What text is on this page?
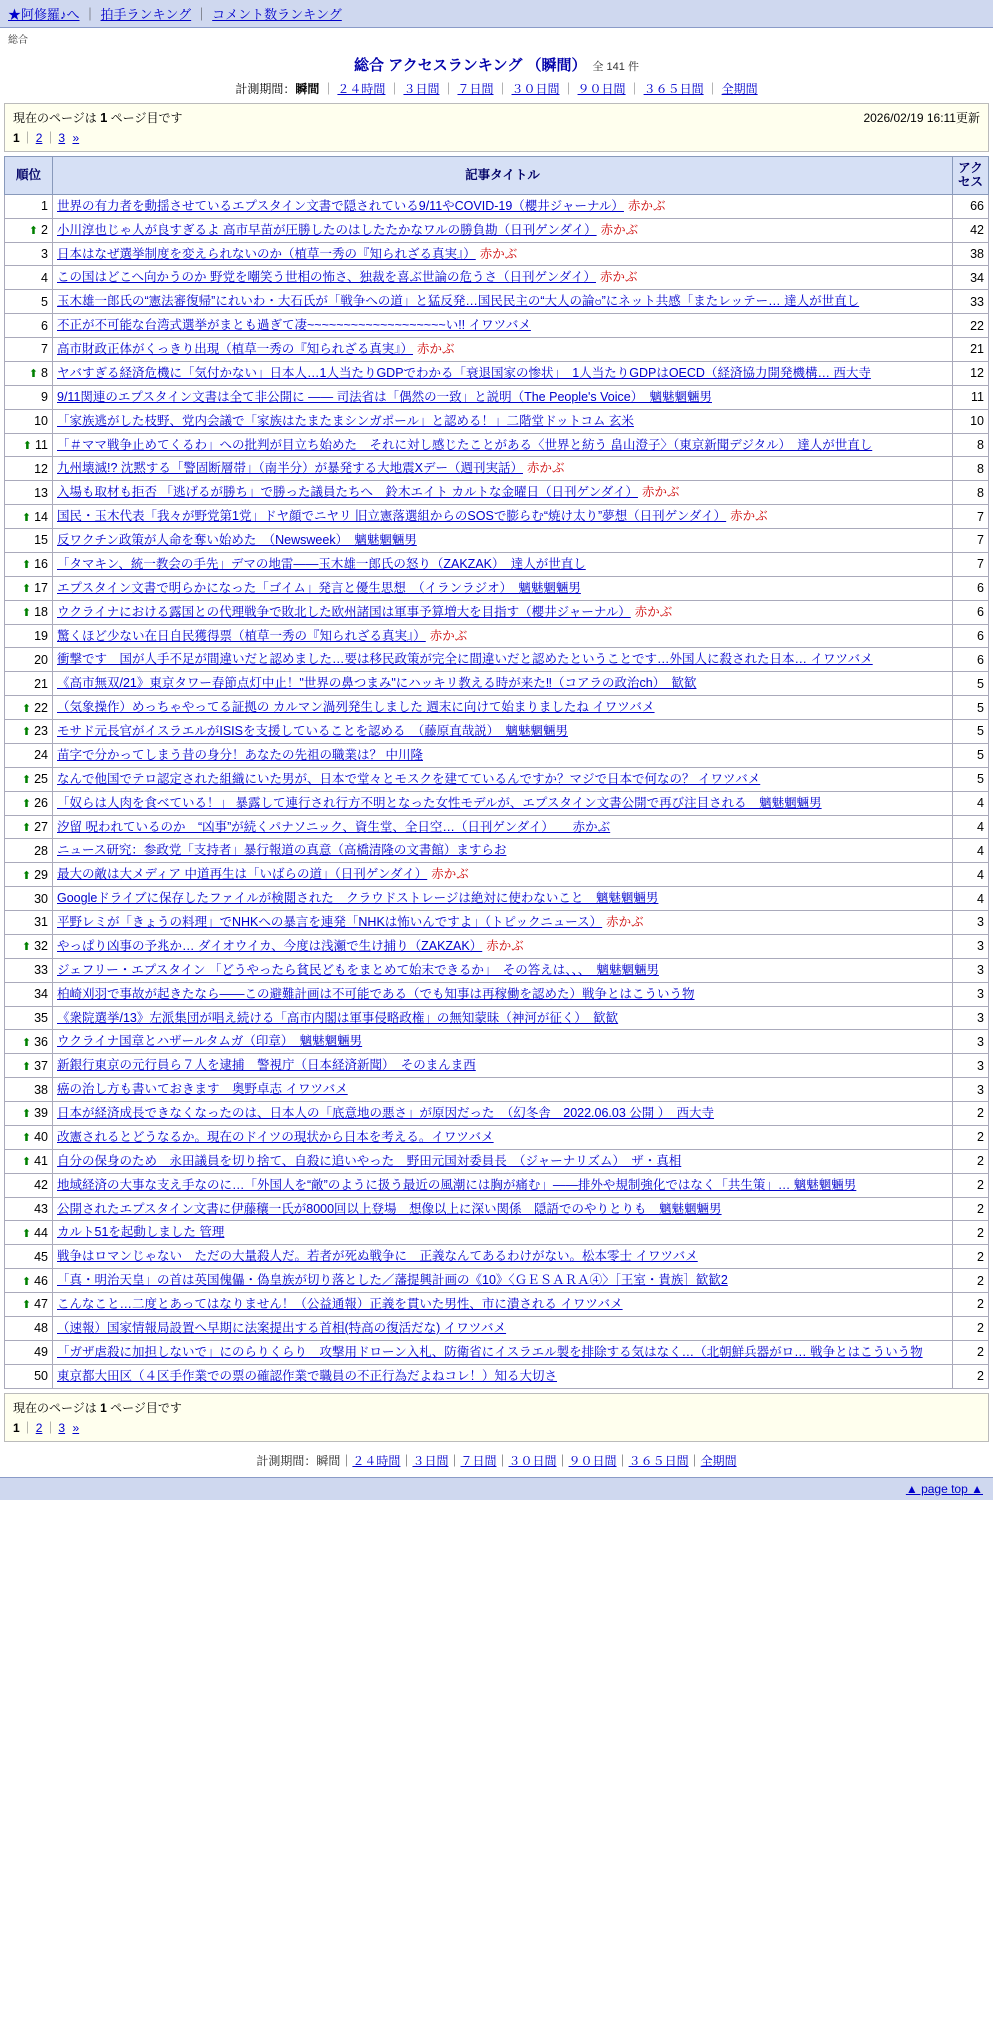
★阿修羅♪へ ｜ 拍手ランキング ｜ コメント数ランキング
総合
総合 アクセスランキング （瞬間） 全 141 件
計測期間：瞬間 ｜ ２４時間 ｜ ３日間 ｜ ７日間 ｜ ３０日間 ｜ ９０日間 ｜ ３６５日間 ｜ 全期間
現在のページは 1 ページ目です	2026/02/19 16:11更新
1 ｜ 2 ｜ 3 »
順位	記事タイトル	アクセス
1	世界の有力者を動揺させているエプスタイン文書で隠されている9/11やCOVID-19（櫻井ジャーナル） 赤かぶ	66
⬆ 2	小川淳也じゃ人が良すぎるよ 高市早苗が圧勝したのはしたたかなワルの勝負勘（日刊ゲンダイ） 赤かぶ	42
3	日本はなぜ選挙制度を変えられないのか（植草一秀の『知られざる真実』） 赤かぶ	38
4	この国はどこへ向かうのか 野党を嘲笑う世相の怖さ、独裁を喜ぶ世論の危うさ（日刊ゲンダイ） 赤かぶ	34
5	玉木雄一郎氏の“憲法審復帰”にれいわ・大石氏が「戦争への道」と猛反発…国民民主の“大人の論ဗ”にネット共感「またレッテー… 達人が世直し	33
6	不正が不可能な台湾式選挙がまとも過ぎて凄~~~~~~~~~~~~~~~~~~~い!! イワツバメ	22
7	高市財政正体がくっきり出現（植草一秀の『知られざる真実』） 赤かぶ	21
⬆ 8	ヤバすぎる経済危機に「気付かない」日本人…1人当たりGDPでわかる「衰退国家の惨状」　1人当たりGDPはOECD（経済協力開発機構… 西大寺	12
9	9/11関連のエプスタイン文書は全て非公開に ―― 司法省は「偶然の一致」と説明（The People's Voice）　魑魅魍魎男	11
10	「家族逃がした枝野、党内会議で「家族はたまたまシンガポール」と認める！」二階堂ドットコム 玄米	10
⬆ 11	「＃ママ戦争止めてくるわ」への批判が目立ち始めた　それに対し感じたことがある〈世界と紡う 畠山澄子〉（東京新聞デジタル）　達人が世直し	8
12	九州壊滅!? 沈黙する「警固断層帯」（南半分）が暴発する大地震Xデー（週刊実話） 赤かぶ	8
13	入場も取材も拒否 「逃げるが勝ち」で勝った議員たちへ　鈴木エイト カルトな金曜日（日刊ゲンダイ） 赤かぶ	8
⬆ 14	国民・玉木代表「我々が野党第1党」ドヤ顔でニヤリ 旧立憲落選組からのSOSで膨らむ“焼け太り”夢想（日刊ゲンダイ） 赤かぶ	7
15	反ワクチン政策が人命を奪い始めた　（Newsweek）　魑魅魍魎男	7
⬆ 16	「タマキン、統一教会の手先」デマの地雷――玉木雄一郎氏の怒り（ZAKZAK）　達人が世直し	7
⬆ 17	エプスタイン文書で明らかになった「ゴイム」発言と優生思想　（イランラジオ）　魑魅魍魎男	6
⬆ 18	ウクライナにおける露国との代理戦争で敗北した欧州諸国は軍事予算増大を目指す（櫻井ジャーナル） 赤かぶ	6
19	驚くほど少ない在日自民獲得票（植草一秀の『知られざる真実』） 赤かぶ	6
20	衝撃です　国が人手不足が間違いだと認めました…要は移民政策が完全に間違いだと認めたということです…外国人に殺された日本… イワツバメ	6
21	《高市無双/21》東京タワー春節点灯中止！"世界の鼻つまみ"にハッキリ教える時が来た‼（コアラの政治ch）　歓歓	5
⬆ 22	（気象操作）めっちゃやってる証拠の カルマン渦列発生しました 週末に向けて始まりましたね イワツバメ	5
⬆ 23	モサド元長官がイスラエルがISISを支援していることを認める　（藤原直哉説）　魑魅魍魎男	5
24	苗字で分かってしまう昔の身分！あなたの先祖の職業は？ 中川隆	5
⬆ 25	なんで他国でテロ認定された組織にいた男が、日本で堂々とモスクを建てているんですか？マジで日本で何なの？ イワツバメ	5
⬆ 26	「奴らは人肉を食べている！」 暴露して連行され行方不明となった女性モデルが、エプスタイン文書公開で再び注目される　魑魅魍魎男	4
⬆ 27	汐留 呪われているのか　“凶事”が続くパナソニック、資生堂、全日空…（日刊ゲンダイ）　　赤かぶ	4
28	ニュース研究：参政党「支持者」暴行報道の真意（高橋清隆の文書館）ますらお	4
⬆ 29	最大の敵は大メディア 中道再生は「いばらの道」（日刊ゲンダイ） 赤かぶ	4
30	Googleドライブに保存したファイルが検閲された　クラウドストレージは絶対に使わないこと　魑魅魍魎男	4
31	平野レミが「きょうの料理」でNHKへの暴言を連発「NHKは怖いんですよ」（トピックニュース） 赤かぶ	3
⬆ 32	やっぱり凶事の予兆か… ダイオウイカ、今度は浅瀬で生け捕り（ZAKZAK） 赤かぶ	3
33	ジェフリー・エプスタイン 「どうやったら貧民どもをまとめて始末できるか」　その答えは、、、　魑魅魍魎男	3
34	柏崎刈羽で事故が起きたなら――この避難計画は不可能である（でも知事は再稼働を認めた）戦争とはこういう物	3
35	《衆院選挙/13》左派集団が唱え続ける「高市内閣は軍事侵略政権」の無知蒙昧（神河が征く）　歓歓	3
⬆ 36	ウクライナ国章とハザールタムガ（印章）　魑魅魍魎男	3
⬆ 37	新銀行東京の元行員ら７人を逮捕　警視庁（日本経済新聞）　そのまんま西	3
38	癌の治し方も書いておきます　奥野卓志 イワツバメ	3
⬆ 39	日本が経済成長できなくなったのは、日本人の「底意地の悪さ」が原因だった　（幻冬舎　2022.06.03 公開 ）　西大寺	2
⬆ 40	改憲されるとどうなるか。現在のドイツの現状から日本を考える。イワツバメ	2
⬆ 41	自分の保身のため　永田議員を切り捨て、自殺に追いやった　野田元国対委員長　（ジャーナリズム）　ザ・真相	2
42	地域経済の大事な支え手なのに…「外国人を“敵”のように扱う最近の風潮には胸が痛む」――排外や規制強化ではなく「共生策」… 魑魅魍魎男	2
43	公開されたエプスタイン文書に伊藤穰一氏が8000回以上登場　想像以上に深い関係　隠語でのやりとりも　魑魅魍魎男	2
⬆ 44	カルト51を起動しました 管理	2
45	戦争はロマンじゃない　ただの大量殺人だ。若者が死ぬ戦争に　正義なんてあるわけがない。松本零士 イワツバメ	2
⬆ 46	「真・明治天皇」の首は英国傀儡・偽皇族が切り落とした／藩提興計画の《10》〈ＧＥＳＡＲＡ④〉［王室・貴族］歓歓2	2
⬆ 47	こんなこと…二度とあってはなりません！（公益通報）正義を貫いた男性、市に潰される イワツバメ	2
48	（速報）国家情報局設置へ早期に法案提出する首相(特高の復活だな) イワツバメ	2
49	「ガザ虐殺に加担しないで」にのらりくらり　攻撃用ドローン入札、防衛省にイスラエル製を排除する気はなく…（北朝鮮兵器がロ… 戦争とはこういう物	2
50	東京都大田区（４区手作業での票の確認作業で職員の不正行為だよねコレ！）知る大切さ	2
現在のページは 1 ページ目です
1 ｜ 2 ｜ 3 »
計測期間：瞬間｜２４時間｜３日間｜７日間｜３０日間｜９０日間｜３６５日間｜全期間
▲ page top ▲
